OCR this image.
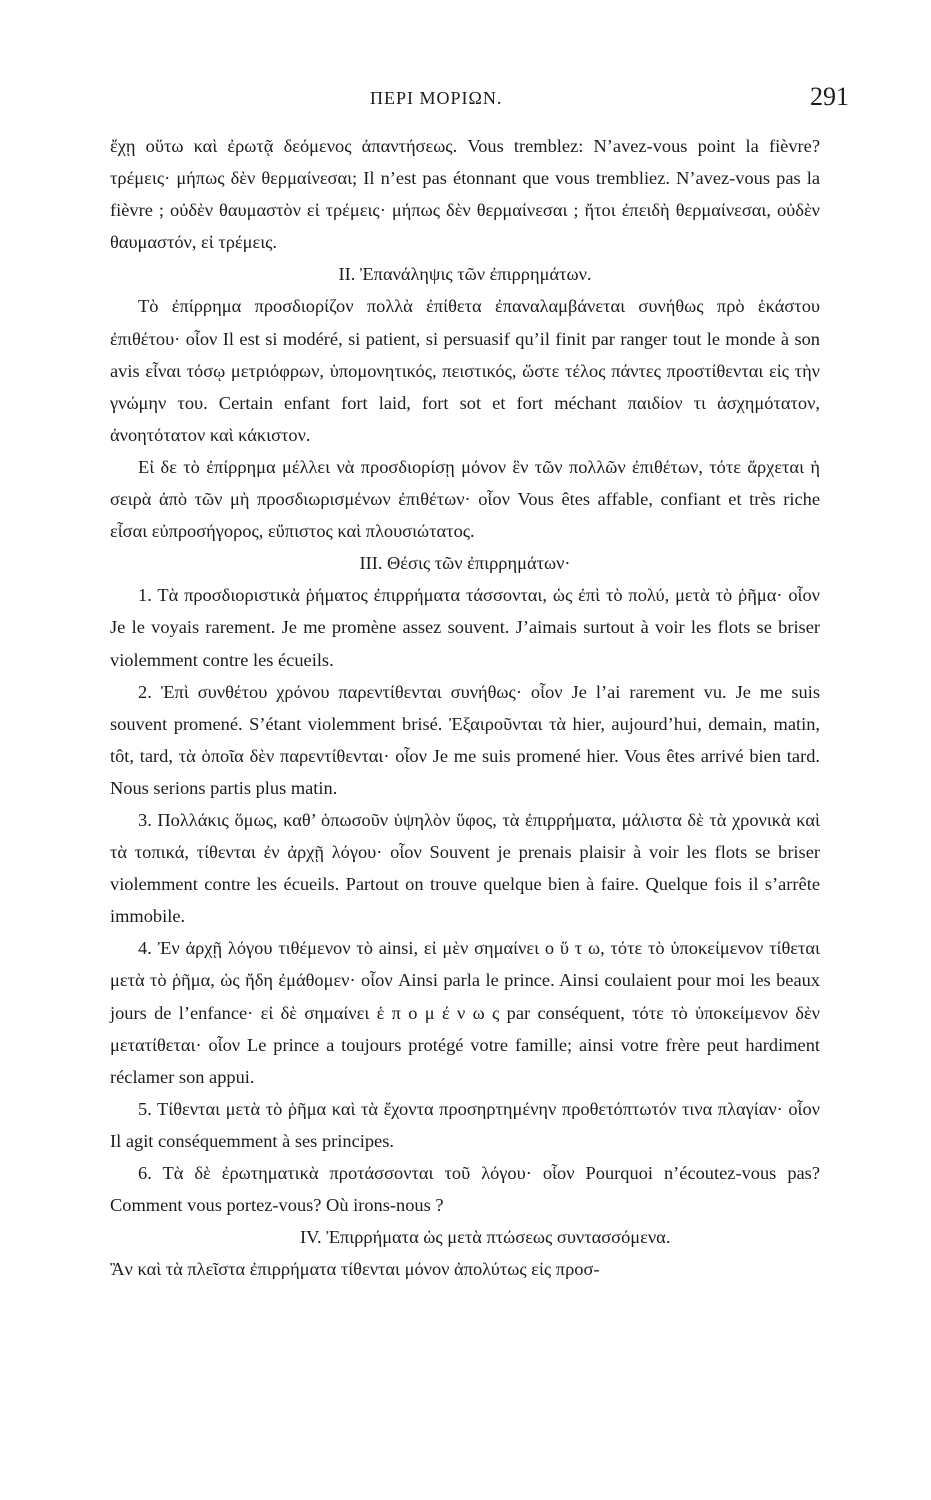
ΠΕΡΙ ΜΟΡΙΩΝ.	291

ἔχῃ οὕτω καὶ ἐρωτᾷ δεόμενος ἀπαντήσεως. Vous tremblez: N’avez-vous point la fièvre? τρέμεις· μήπως δὲν θερμαίνεσαι; Il n’est pas étonnant que vous trembliez. N’avez-vous pas la fièvre ; οὐδὲν θαυμαστὸν εἰ τρέμεις· μήπως δὲν θερμαίνεσαι ; ἤτοι ἐπειδὴ θερμαίνεσαι, οὐδὲν θαυμαστόν, εἰ τρέμεις.

II. Ἐπανάληψις τῶν ἐπιρρημάτων.

Τὸ ἐπίρρημα προσδιορίζον πολλὰ ἐπίθετα ἐπαναλαμβάνεται συνήθως πρὸ ἑκάστου ἐπιθέτου· οἷον Il est si modéré, si patient, si persuasif qu’il finit par ranger tout le monde à son avis εἶναι τόσῳ μετριόφρων, ὑπομονητικός, πειστικός, ὥστε τέλος πάντες προστίθενται εἰς τὴν γνώμην του. Certain enfant fort laid, fort sot et fort méchant παιδίον τι ἀσχημότατον, ἀνοητότατον καὶ κάκιστον.

Εἰ δε τὸ ἐπίρρημα μέλλει νὰ προσδιορίσῃ μόνον ἓν τῶν πολλῶν ἐπιθέτων, τότε ἄρχεται ἡ σειρὰ ἀπὸ τῶν μὴ προσδιωρισμένων ἐπιθέτων· οἷον Vous êtes affable, confiant et très riche εἶσαι εὐπροσήγορος, εὔπιστος καὶ πλουσιώτατος.

III. Θέσις τῶν ἐπιρρημάτων·

1. Τὰ προσδιοριστικὰ ῥήματος ἐπιρρήματα τάσσονται, ὡς ἐπὶ τὸ πολύ, μετὰ τὸ ῥῆμα· οἷον Je le voyais rarement. Je me promène assez souvent. J’aimais surtout à voir les flots se briser violemment contre les écueils.

2. Ἐπὶ συνθέτου χρόνου παρεντίθενται συνήθως· οἷον Je l’ai rarement vu. Je me suis souvent promené. S’étant violemment brisé. Ἐξαιροῦνται τὰ hier, aujourd’hui, demain, matin, tôt, tard, τὰ ὁποῖα δὲν παρεντίθενται· οἷον Je me suis promené hier. Vous êtes arrivé bien tard. Nous serions partis plus matin.

3. Πολλάκις ὅμως, καθ’ ὁπωσοῦν ὑψηλὸν ὕφος, τὰ ἐπιρρήματα, μάλιστα δὲ τὰ χρονικὰ καὶ τὰ τοπικά, τίθενται ἐν ἀρχῇ λόγου· οἷον Souvent je prenais plaisir à voir les flots se briser violemment contre les écueils. Partout on trouve quelque bien à faire. Quelque fois il s’arrête immobile.

4. Ἐν ἀρχῇ λόγου τιθέμενον τὸ ainsi, εἰ μὲν σημαίνει ο ὕ τ ω, τότε τὸ ὑποκείμενον τίθεται μετὰ τὸ ῥῆμα, ὡς ἤδη ἐμάθομεν· οἷον Ainsi parla le prince. Ainsi coulaient pour moi les beaux jours de l’enfance· εἰ δὲ σημαίνει ἑ π ο μ έ ν ω ς par conséquent, τότε τὸ ὑποκείμενον δὲν μετατίθεται· οἷον Le prince a toujours protégé votre famille; ainsi votre frère peut hardiment réclamer son appui.

5. Τίθενται μετὰ τὸ ῥῆμα καὶ τὰ ἔχοντα προσηρτημένην προθετόπτωτόν τινα πλαγίαν· οἷον Il agit conséquemment à ses principes.

6. Τὰ δὲ ἐρωτηματικὰ προτάσσονται τοῦ λόγου· οἷον Pourquoi n’écoutez-vous pas? Comment vous portez-vous? Où irons-nous ?

IV. Ἐπιρρήματα ὡς μετὰ πτώσεως συντασσόμενα.

Ἂν καὶ τὰ πλεῖστα ἐπιρρήματα τίθενται μόνον ἀπολύτως εἰς προσ-
